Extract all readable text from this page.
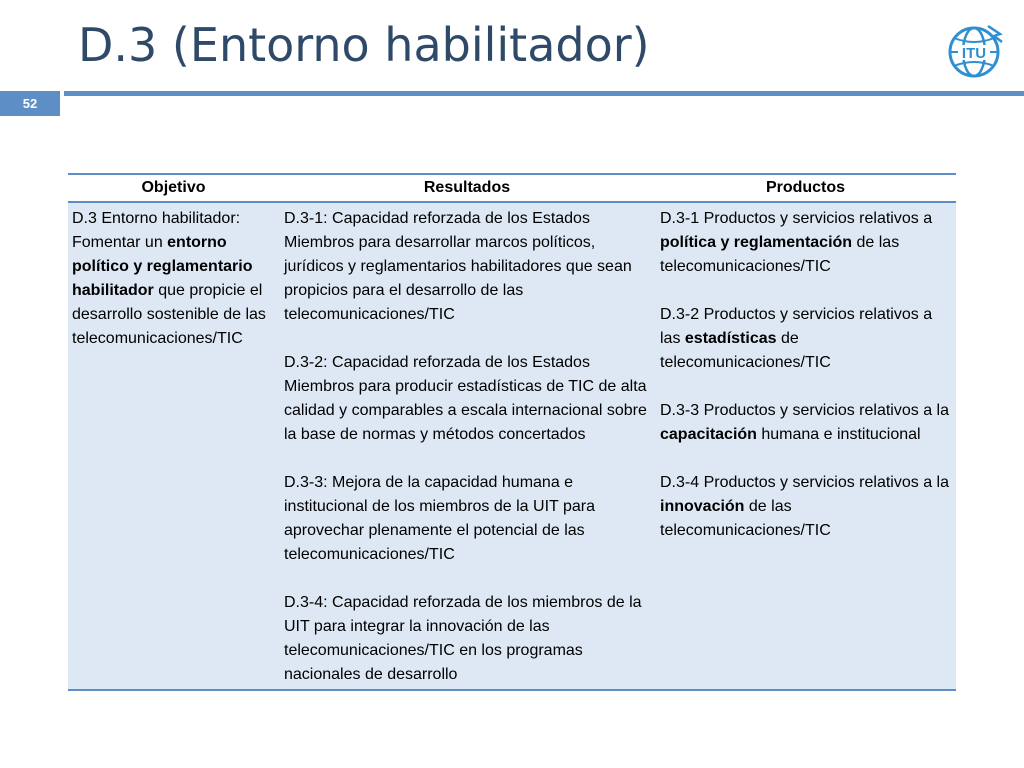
D.3 (Entorno habilitador)
52
ITU
Objetivo	Resultados	Productos
D.3 Entorno habilitador: Fomentar un entorno político y reglamentario habilitador que propicie el desarrollo sostenible de las telecomunicaciones/TIC
D.3-1: Capacidad reforzada de los Estados Miembros para desarrollar marcos políticos, jurídicos y reglamentarios habilitadores que sean propicios para el desarrollo de las telecomunicaciones/TIC
D.3-2: Capacidad reforzada de los Estados Miembros para producir estadísticas de TIC de alta calidad y comparables a escala internacional sobre la base de normas y métodos concertados
D.3-3: Mejora de la capacidad humana e institucional de los miembros de la UIT para aprovechar plenamente el potencial de las telecomunicaciones/TIC
D.3-4: Capacidad reforzada de los miembros de la UIT para integrar la innovación de las telecomunicaciones/TIC en los programas nacionales de desarrollo
D.3-1 Productos y servicios relativos a política y reglamentación de las telecomunicaciones/TIC
D.3-2 Productos y servicios relativos a las estadísticas de telecomunicaciones/TIC
D.3-3 Productos y servicios relativos a la capacitación humana e institucional
D.3-4 Productos y servicios relativos a la innovación de las telecomunicaciones/TIC
